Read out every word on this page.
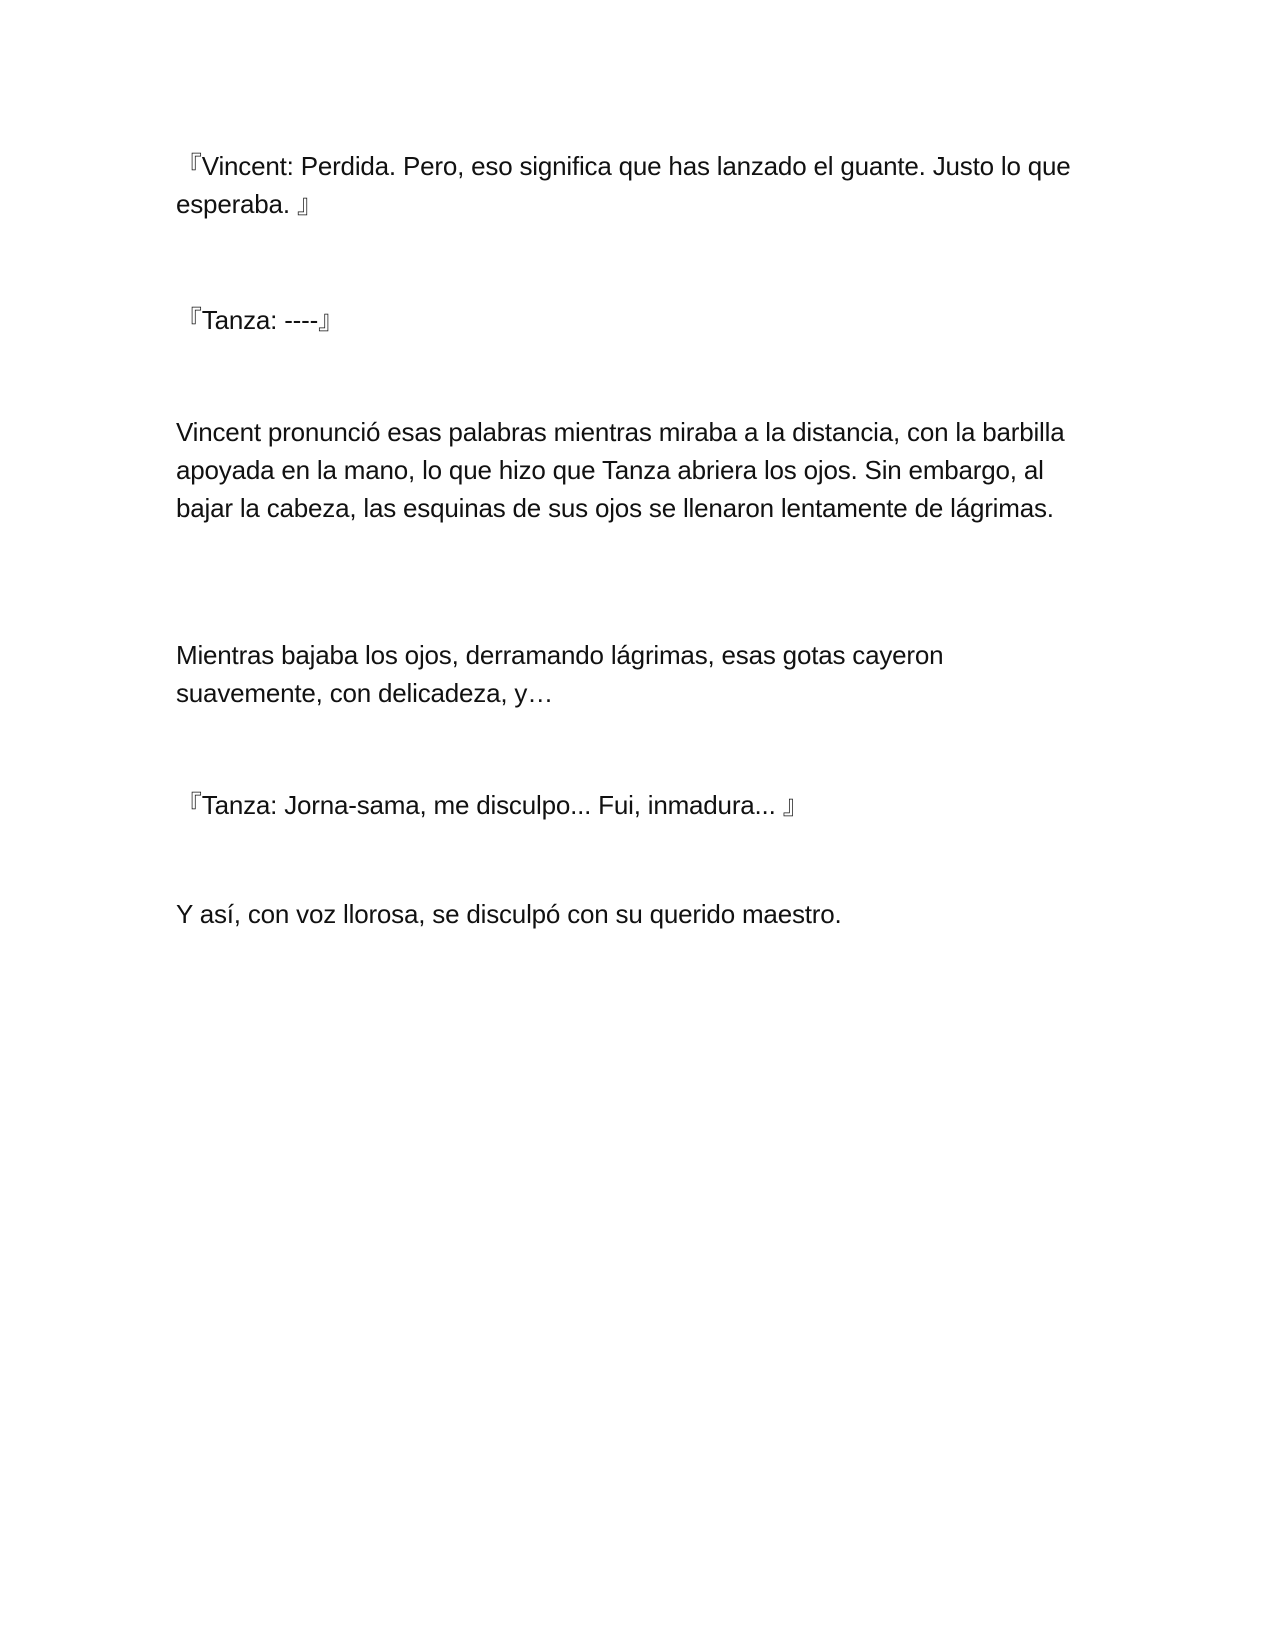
『Vincent: Perdida. Pero, eso significa que has lanzado el guante. Justo lo que esperaba. 』

『Tanza: ----』

Vincent pronunció esas palabras mientras miraba a la distancia, con la barbilla apoyada en la mano, lo que hizo que Tanza abriera los ojos. Sin embargo, al bajar la cabeza, las esquinas de sus ojos se llenaron lentamente de lágrimas.

Mientras bajaba los ojos, derramando lágrimas, esas gotas cayeron suavemente, con delicadeza, y…

『Tanza: Jorna-sama, me disculpo... Fui, inmadura... 』

Y así, con voz llorosa, se disculpó con su querido maestro.
